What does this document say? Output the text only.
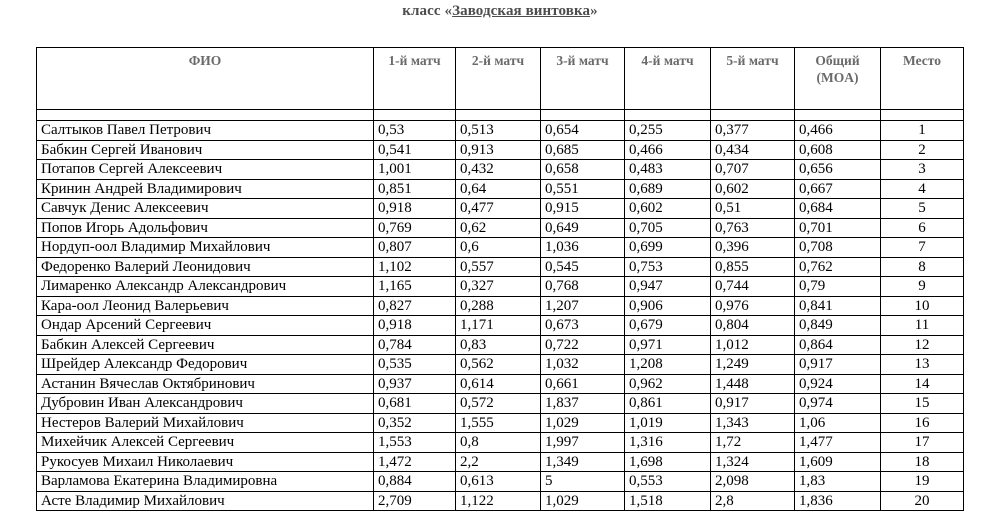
класс «Заводская винтовка»
ФИО	1-й матч	2-й матч	3-й матч	4-й матч	5-й матч	Общий (MOA)	Место

Салтыков Павел Петрович	0,53	0,513	0,654	0,255	0,377	0,466	1
Бабкин Сергей Иванович	0,541	0,913	0,685	0,466	0,434	0,608	2
Потапов Сергей Алексеевич	1,001	0,432	0,658	0,483	0,707	0,656	3
Кринин Андрей Владимирович	0,851	0,64	0,551	0,689	0,602	0,667	4
Савчук Денис Алексеевич	0,918	0,477	0,915	0,602	0,51	0,684	5
Попов Игорь Адольфович	0,769	0,62	0,649	0,705	0,763	0,701	6
Нордуп-оол Владимир Михайлович	0,807	0,6	1,036	0,699	0,396	0,708	7
Федоренко Валерий Леонидович	1,102	0,557	0,545	0,753	0,855	0,762	8
Лимаренко Александр Александрович	1,165	0,327	0,768	0,947	0,744	0,79	9
Кара-оол Леонид Валерьевич	0,827	0,288	1,207	0,906	0,976	0,841	10
Ондар Арсений Сергеевич	0,918	1,171	0,673	0,679	0,804	0,849	11
Бабкин Алексей Сергеевич	0,784	0,83	0,722	0,971	1,012	0,864	12
Шрейдер Александр Федорович	0,535	0,562	1,032	1,208	1,249	0,917	13
Астанин Вячеслав Октябринович	0,937	0,614	0,661	0,962	1,448	0,924	14
Дубровин Иван Александрович	0,681	0,572	1,837	0,861	0,917	0,974	15
Нестеров Валерий Михайлович	0,352	1,555	1,029	1,019	1,343	1,06	16
Михейчик Алексей Сергеевич	1,553	0,8	1,997	1,316	1,72	1,477	17
Рукосуев Михаил Николаевич	1,472	2,2	1,349	1,698	1,324	1,609	18
Варламова Екатерина Владимировна	0,884	0,613	5	0,553	2,098	1,83	19
Асте Владимир Михайлович	2,709	1,122	1,029	1,518	2,8	1,836	20
